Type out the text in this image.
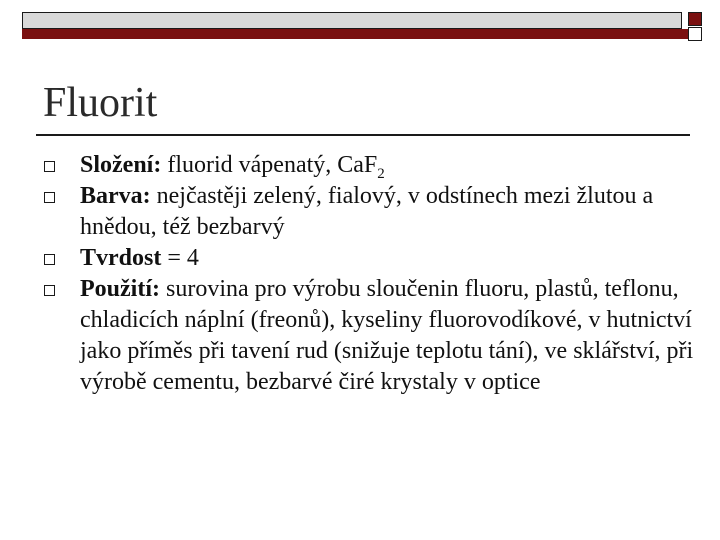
Fluorit
Složení: fluorid vápenatý, CaF$_2$
Barva: nejčastěji zelený, fialový, v odstínech mezi žlutou a hnědou, též bezbarvý
Tvrdost = 4
Použití: surovina pro výrobu sloučenin fluoru, plastů, teflonu, chladicích náplní (freonů), kyseliny fluorovodíkové, v hutnictví jako příměs při tavení rud (snižuje teplotu tání), ve sklářství, při výrobě cementu, bezbarvé čiré krystaly v optice
